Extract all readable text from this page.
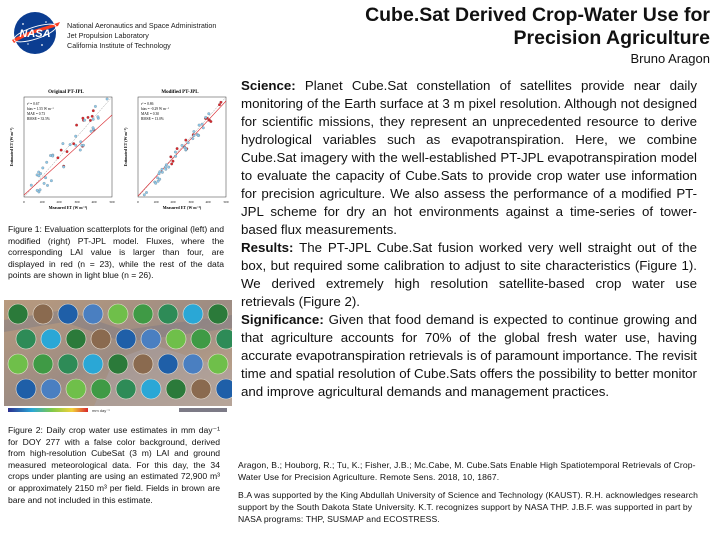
NASA
National Aeronautics and Space Administration
Jet Propulsion Laboratory
California Institute of Technology
Cube.Sat Derived Crop-Water Use for
Precision Agriculture
Bruno Aragon
Original PT-JPL
r² = 0.67
bias = 1.55 W m⁻²
MAE = 0.73
RMSE = 33.5%
Measured ET (W m⁻²)
Estimated ET (W m⁻²)
0	100	200	300	400	500
Modified PT-JPL
r² = 0.86
bias = -0.29 W m⁻²
MAE = 0.30
RMSE = 13.0%
Measured ET (W m⁻²)
Estimated ET (W m⁻²)
0	100	200	300	400	500
Figure 1: Evaluation scatterplots for the original (left) and modified (right) PT-JPL model. Fluxes, where the corresponding LAI value is larger than four, are displayed in red (n = 23), while the rest of the data points are shown in light blue (n = 26).
mm day⁻¹
Figure 2: Daily crop water use estimates in mm day⁻¹ for DOY 277 with a false color background, derived from high-resolution CubeSat (3 m) LAI and ground measured meteorological data. For this day, the 34 crops under planting are using an estimated 72,900 m³ or approximately 2150 m³ per field. Fields in brown are bare and not included in this estimate.
Science: Planet Cube.Sat constellation of satellites provide near daily monitoring of the Earth surface at 3 m pixel resolution. Although not designed for scientific missions, they represent an unprecedented resource to derive hydrological variables such as evapotranspiration. Here, we combine Cube.Sat imagery with the well-established PT-JPL evapotranspiration model to evaluate the capacity of Cube.Sats to provide crop water use information for precision agriculture. We also assess the performance of a modified PT-JPL scheme for dry an hot environments against a time-series of tower-based flux measurements.
Results: The PT-JPL Cube.Sat fusion worked very well straight out of the box, but required some calibration to adjust to site characteristics (Figure 1). We derived extremely high resolution satellite-based crop water use retrievals (Figure 2).
Significance: Given that food demand is expected to continue growing and that agriculture accounts for 70% of the global fresh water use, having accurate evapotranspiration retrievals is of paramount importance. The revisit time and spatial resolution of Cube.Sats offers the possibility to better monitor and improve agricultural demands and management practices.
Aragon, B.; Houborg, R.; Tu, K.; Fisher, J.B.; Mc.Cabe, M. Cube.Sats Enable High Spatiotemporal Retrievals of Crop-Water Use for Precision Agriculture. Remote Sens. 2018, 10, 1867.
B.A was supported by the King Abdullah University of Science and Technology (KAUST). R.H. acknowledges research support by the South Dakota State University. K.T. recognizes support by NASA THP. J.B.F. was supported in part by NASA programs: THP, SUSMAP and ECOSTRESS.
